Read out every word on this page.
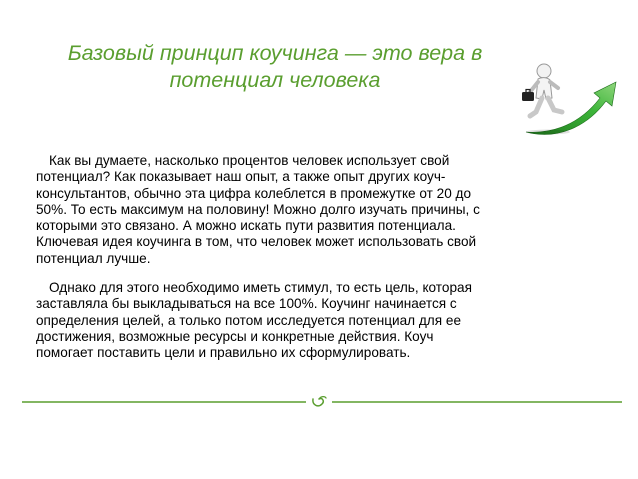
Базовый принцип коучинга — это вера в
потенциал человека

Как вы думаете, насколько процентов человек использует свой
потенциал? Как показывает наш опыт, а также опыт других коуч-
консультантов, обычно эта цифра колеблется в промежутке от 20 до
50%. То есть максимум на половину! Можно долго изучать причины, с
которыми это связано. А можно искать пути развития потенциала.
Ключевая идея коучинга в том, что человек может использовать свой
потенциал лучше.

Однако для этого необходимо иметь стимул, то есть цель, которая
заставляла бы выкладываться на все 100%. Коучинг начинается с
определения целей, а только потом исследуется потенциал для ее
достижения, возможные ресурсы и конкретные действия. Коуч
помогает поставить цели и правильно их сформулировать.
